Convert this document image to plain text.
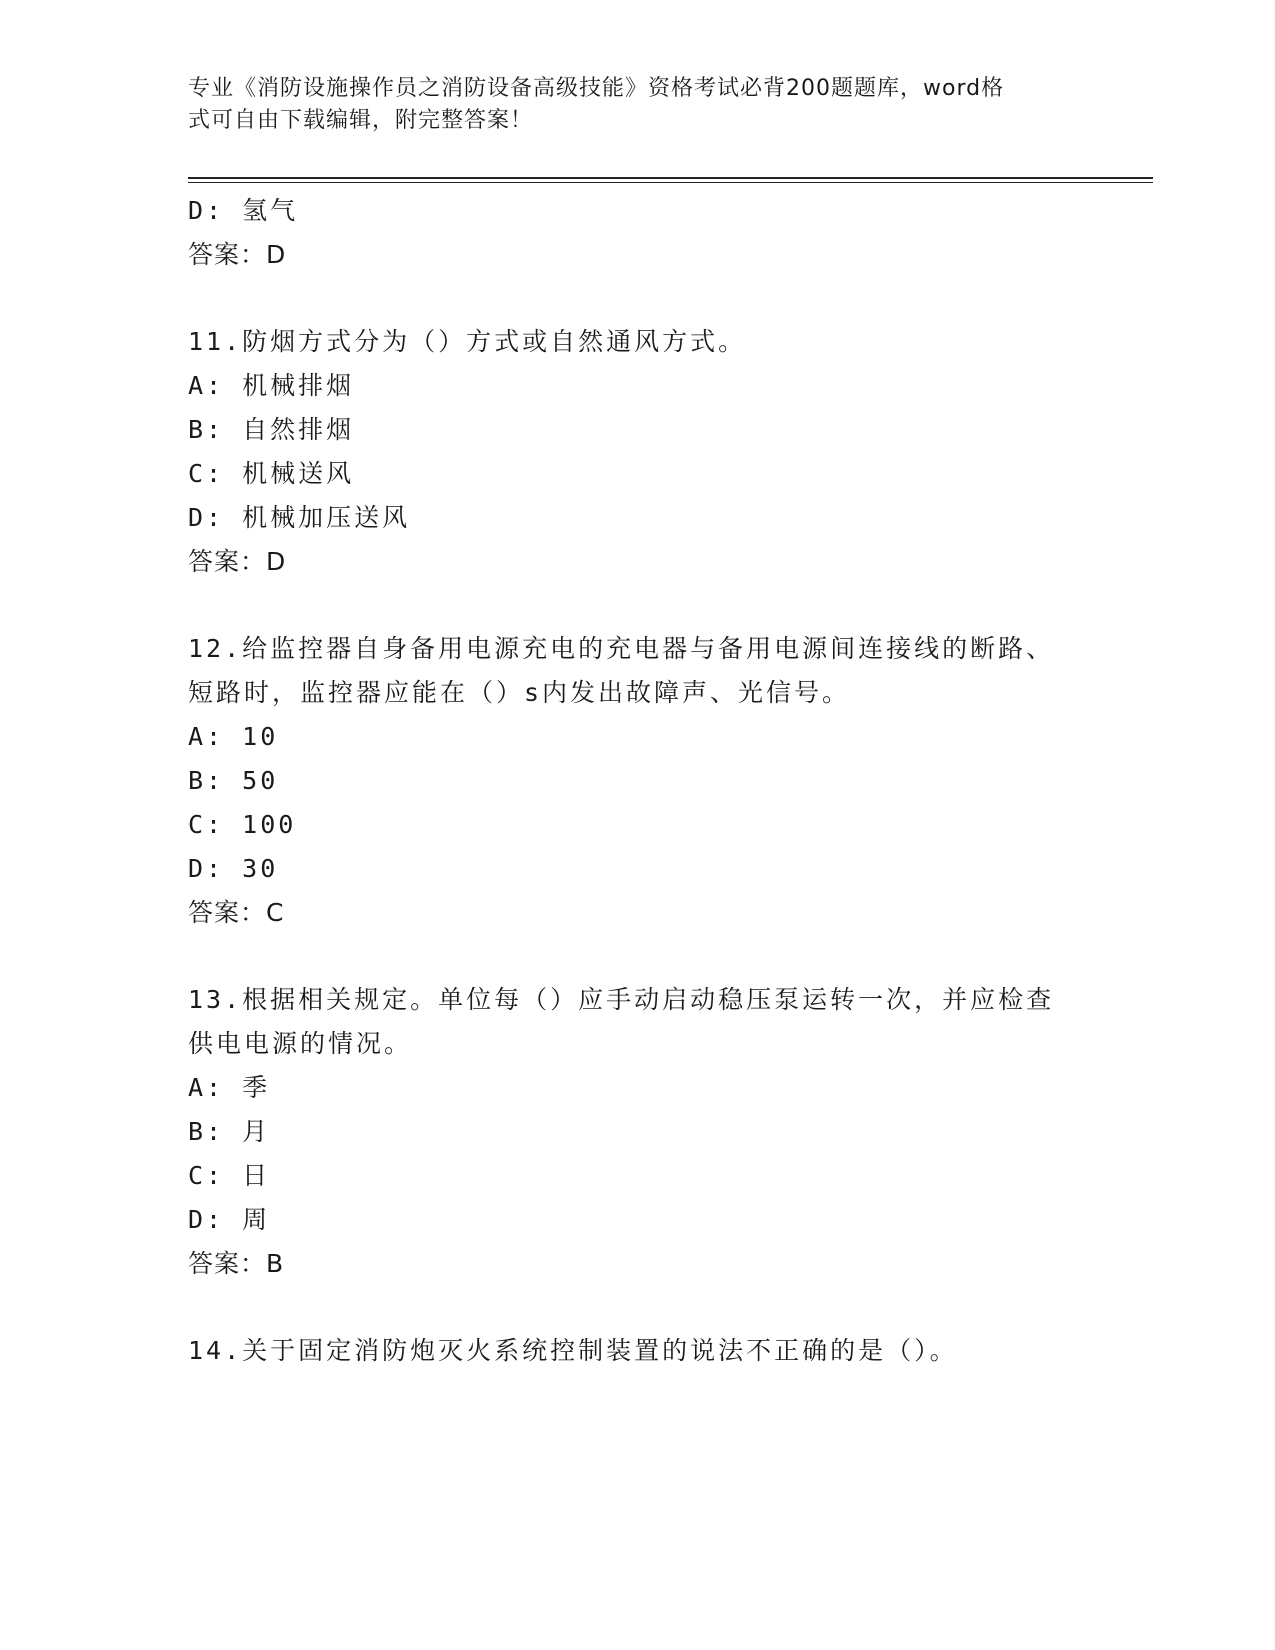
专业《消防设施操作员之消防设备高级技能》资格考试必背200题题库，word格
式可自由下载编辑，附完整答案！
D: 氢气
答案：D
11.防烟方式分为（）方式或自然通风方式。
A: 机械排烟
B: 自然排烟
C: 机械送风
D: 机械加压送风
答案：D
12.给监控器自身备用电源充电的充电器与备用电源间连接线的断路、
短路时，监控器应能在（）s内发出故障声、光信号。
A: 10
B: 50
C: 100
D: 30
答案：C
13.根据相关规定。单位每（）应手动启动稳压泵运转一次，并应检查
供电电源的情况。
A: 季
B: 月
C: 日
D: 周
答案：B
14.关于固定消防炮灭火系统控制装置的说法不正确的是（）。
